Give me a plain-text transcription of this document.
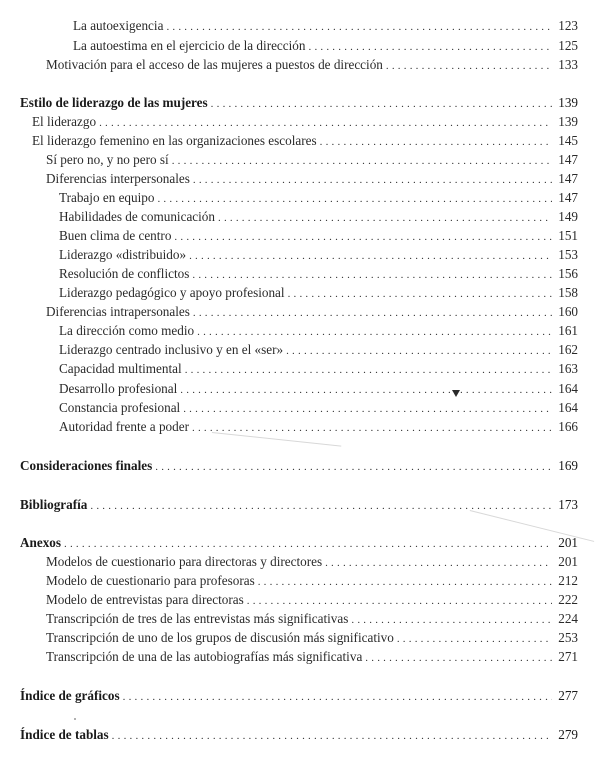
La autoexigencia .....	123
La autoestima en el ejercicio de la dirección .....	125
Motivación para el acceso de las mujeres a puestos de dirección .....	133
Estilo de liderazgo de las mujeres .....	139
El liderazgo .....	139
El liderazgo femenino en las organizaciones escolares .....	145
Sí pero no, y no pero sí .....	147
Diferencias interpersonales .....	147
Trabajo en equipo .....	147
Habilidades de comunicación .....	149
Buen clima de centro .....	151
Liderazgo «distribuido» .....	153
Resolución de conflictos .....	156
Liderazgo pedagógico y apoyo profesional .....	158
Diferencias intrapersonales .....	160
La dirección como medio .....	161
Liderazgo centrado inclusivo y en el «ser» .....	162
Capacidad multimental .....	163
Desarrollo profesional .....	164
Constancia profesional .....	164
Autoridad frente a poder .....	166
Consideraciones finales .....	169
Bibliografía .....	173
Anexos .....	201
Modelos de cuestionario para directoras y directores .....	201
Modelo de cuestionario para profesoras .....	212
Modelo de entrevistas para directoras .....	222
Transcripción de tres de las entrevistas más significativas .....	224
Transcripción de uno de los grupos de discusión más significativo .....	253
Transcripción de una de las autobiografías más significativa .....	271
Índice de gráficos .....	277
Índice de tablas .....	279
